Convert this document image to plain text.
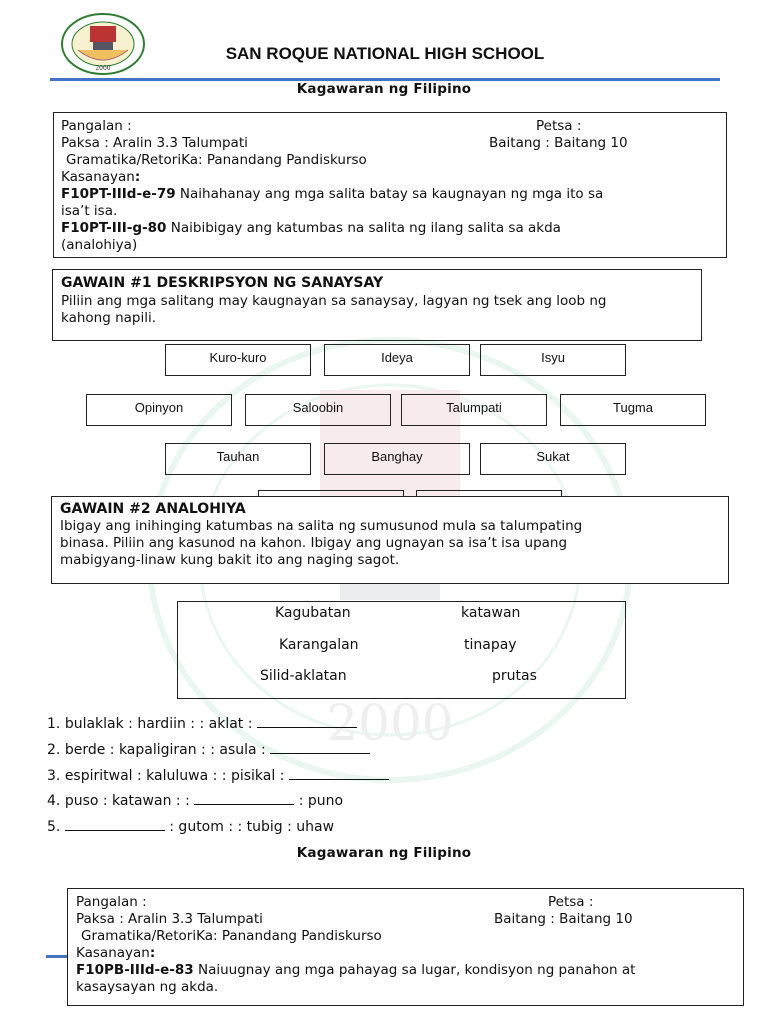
2000
2000
SAN ROQUE NATIONAL HIGH SCHOOL
Kagawaran ng Filipino
Pangalan :	Petsa :
Paksa : Aralin 3.3 Talumpati	Baitang : Baitang 10
Gramatika/RetoriKa: Panandang Pandiskurso
Kasanayan:
F10PT-IIId-e-79 Naihahanay ang mga salita batay sa kaugnayan ng mga ito sa
isa’t isa.
F10PT-III-g-80 Naibibigay ang katumbas na salita ng ilang salita sa akda
(analohiya)
GAWAIN #1 DESKRIPSYON NG SANAYSAY
Piliin ang mga salitang may kaugnayan sa sanaysay, lagyan ng tsek ang loob ng
kahong napili.
Kuro-kuro	Ideya	Isyu
Opinyon	Saloobin	Talumpati	Tugma
Tauhan	Banghay	Sukat
GAWAIN #2 ANALOHIYA
Ibigay ang inihinging katumbas na salita ng sumusunod mula sa talumpating
binasa. Piliin ang kasunod na kahon. Ibigay ang ugnayan sa isa’t isa upang
mabigyang-linaw kung bakit ito ang naging sagot.
Kagubatan	katawan
Karangalan	tinapay
Silid-aklatan	prutas
1. bulaklak : hardiin : : aklat :
2. berde : kapaligiran : : asula :
3. espiritwal : kaluluwa : : pisikal :
4. puso : katawan : :	: puno
5.	: gutom : : tubig : uhaw
Kagawaran ng Filipino
Pangalan :	Petsa :
Paksa : Aralin 3.3 Talumpati	Baitang : Baitang 10
Gramatika/RetoriKa: Panandang Pandiskurso
Kasanayan:
F10PB-IIId-e-83 Naiuugnay ang mga pahayag sa lugar, kondisyon ng panahon at
kasaysayan ng akda.
